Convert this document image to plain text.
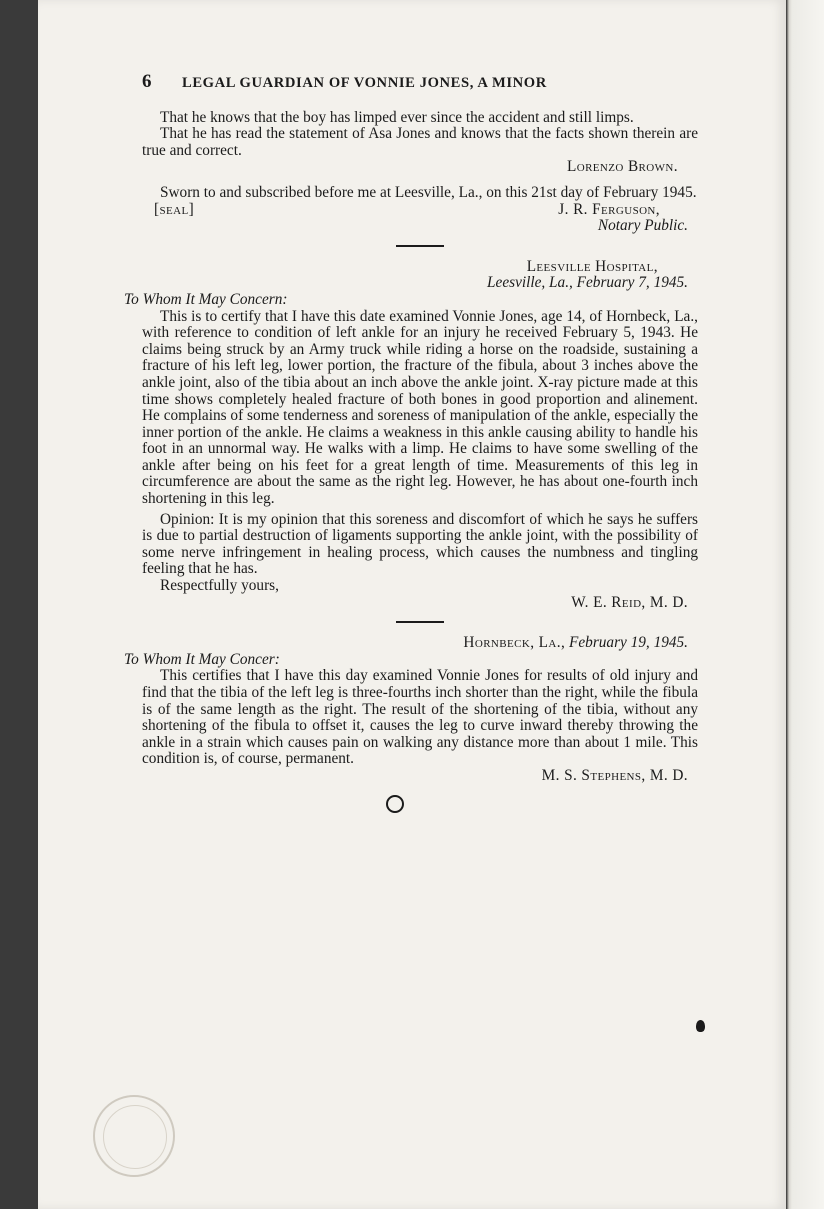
6	LEGAL GUARDIAN OF VONNIE JONES, A MINOR

That he knows that the boy has limped ever since the accident and still limps.

That he has read the statement of Asa Jones and knows that the facts shown therein are true and correct.

Lorenzo Brown.

Sworn to and subscribed before me at Leesville, La., on this 21st day of February 1945.

[seal]	J. R. Ferguson,
Notary Public.
Leesville Hospital,
Leesville, La., February 7, 1945.
To Whom It May Concern:

This is to certify that I have this date examined Vonnie Jones, age 14, of Hornbeck, La., with reference to condition of left ankle for an injury he received February 5, 1943. He claims being struck by an Army truck while riding a horse on the roadside, sustaining a fracture of his left leg, lower portion, the fracture of the fibula, about 3 inches above the ankle joint, also of the tibia about an inch above the ankle joint. X-ray picture made at this time shows completely healed fracture of both bones in good proportion and alinement. He complains of some tenderness and soreness of manipulation of the ankle, especially the inner portion of the ankle. He claims a weakness in this ankle causing ability to handle his foot in an unnormal way. He walks with a limp. He claims to have some swelling of the ankle after being on his feet for a great length of time. Measurements of this leg in circumference are about the same as the right leg. However, he has about one-fourth inch shortening in this leg.

Opinion: It is my opinion that this soreness and discomfort of which he says he suffers is due to partial destruction of ligaments supporting the ankle joint, with the possibility of some nerve infringement in healing process, which causes the numbness and tingling feeling that he has.

Respectfully yours,

W. E. Reid, M. D.
Hornbeck, La., February 19, 1945.
To Whom It May Concer:

This certifies that I have this day examined Vonnie Jones for results of old injury and find that the tibia of the left leg is three-fourths inch shorter than the right, while the fibula is of the same length as the right. The result of the shortening of the tibia, without any shortening of the fibula to offset it, causes the leg to curve inward thereby throwing the ankle in a strain which causes pain on walking any distance more than about 1 mile. This condition is, of course, permanent.

M. S. Stephens, M. D.
